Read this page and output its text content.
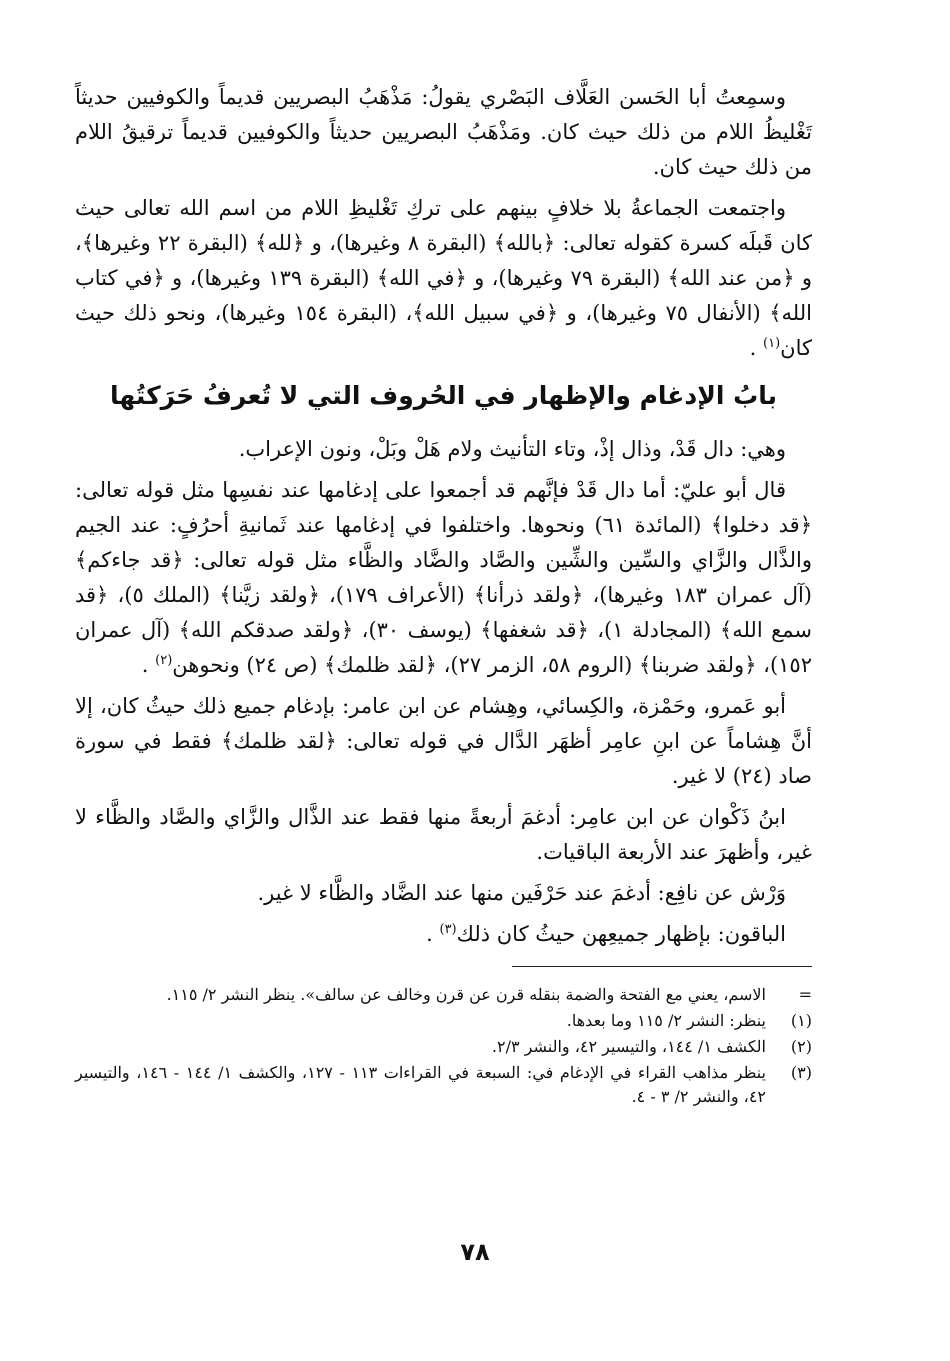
وسمِعتُ أبا الحَسن العَلَّاف البَصْري يقولُ: مَذْهَبُ البصريين قديماً والكوفيين حديثاً تَغْليظُ اللام من ذلك حيث كان. ومَذْهَبُ البصريين حديثاً والكوفيين قديماً ترقيقُ اللام من ذلك حيث كان.

واجتمعت الجماعةُ بلا خلافٍ بينهم على تركِ تَغْليظِ اللام من اسم الله تعالى حيث كان قَبلَه كسرة كقوله تعالى: ﴿بالله﴾ (البقرة ٨ وغيرها)، و ﴿لله﴾ (البقرة ٢٢ وغيرها﴾، و ﴿من عند الله﴾ (البقرة ٧٩ وغيرها)، و ﴿في الله﴾ (البقرة ١٣٩ وغيرها)، و ﴿في كتاب الله﴾ (الأنفال ٧٥ وغيرها)، و ﴿في سبيل الله﴾، (البقرة ١٥٤ وغيرها)، ونحو ذلك حيث كان$^{(١)}$ .

بابُ الإدغام والإظهار في الحُروف التي لا تُعرفُ حَرَكتُها

وهي: دال قَدْ، وذال إذْ، وتاء التأنيث ولام هَلْ وبَلْ، ونون الإعراب.

قال أبو عليّ: أما دال قَدْ فإنَّهم قد أجمعوا على إدغامها عند نفسِها مثل قوله تعالى: ﴿قد دخلوا﴾ (المائدة ٦١) ونحوها. واختلفوا في إدغامها عند ثَمانيةِ أحرُفٍ: عند الجيم والذَّال والزَّاي والسِّين والشِّين والصَّاد والضَّاد والظَّاء مثل قوله تعالى: ﴿قد جاءكم﴾ (آل عمران ١٨٣ وغيرها)، ﴿ولقد ذرأنا﴾ (الأعراف ١٧٩)، ﴿ولقد زيَّنا﴾ (الملك ٥)، ﴿قد سمع الله﴾ (المجادلة ١)، ﴿قد شغفها﴾ (يوسف ٣٠)، ﴿ولقد صدقكم الله﴾ (آل عمران ١٥٢)، ﴿ولقد ضربنا﴾ (الروم ٥٨، الزمر ٢٧)، ﴿لقد ظلمك﴾ (ص ٢٤) ونحوهن$^{(٢)}$ .

أبو عَمرو، وحَمْزة، والكِسائي، وهِشام عن ابن عامر: بإدغام جميع ذلك حيثُ كان، إلا أنَّ هِشاماً عن ابنِ عامِر أظهَر الدَّال في قوله تعالى: ﴿لقد ظلمك﴾ فقط في سورة صاد (٢٤) لا غير.

ابنُ ذَكْوان عن ابن عامِر: أدغمَ أربعةً منها فقط عند الذَّال والزَّاي والصَّاد والظَّاء لا غير، وأظهرَ عند الأربعة الباقيات.

وَرْش عن نافِع: أدغمَ عند حَرْفَين منها عند الضَّاد والظَّاء لا غير.

الباقون: بإظهار جميعِهن حيثُ كان ذلك$^{(٣)}$ .

=
الاسم، يعني مع الفتحة والضمة بنقله قرن عن قرن وخالف عن سالف». ينظر النشر ٢/ ١١٥.
(١)
ينظر: النشر ٢/ ١١٥ وما بعدها.
(٢)
الكشف ١/ ١٤٤، والتيسير ٤٢، والنشر ٢/٣.
(٣)
ينظر مذاهب القراء في الإدغام في: السبعة في القراءات ١١٣ - ١٢٧، والكشف ١/ ١٤٤ - ١٤٦، والتيسير ٤٢، والنشر ٢/ ٣ - ٤.
٧٨
